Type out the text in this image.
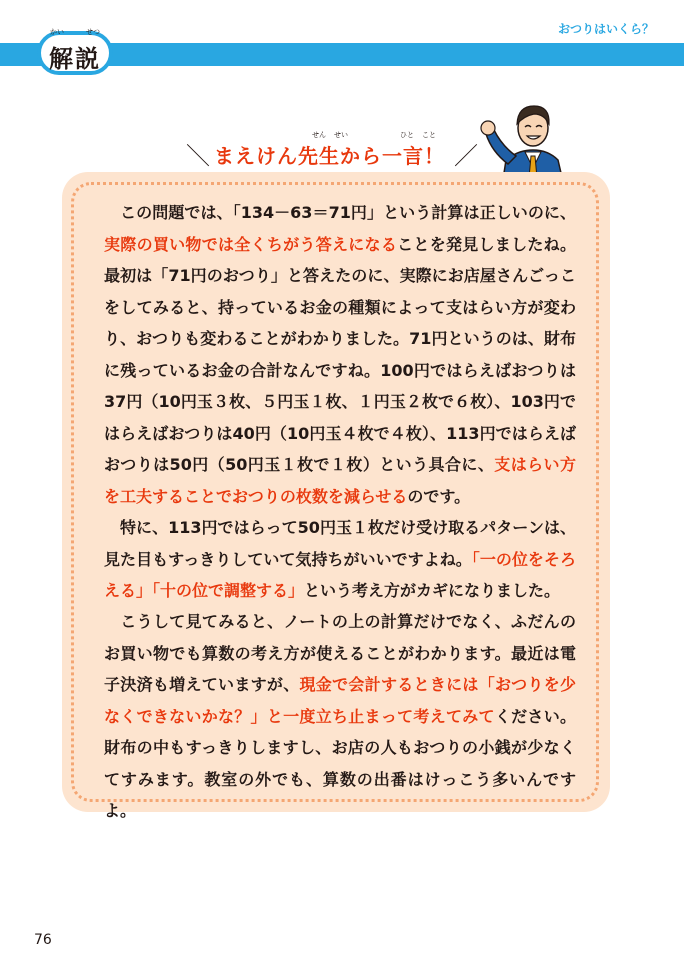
かい	せつ
解説
おつりはいくら？
＼
せん せい	ひと こと
まえけん先生から一言！ ／

　この問題では、「134－63＝71円」という計算は正しいのに、実際の買い物では全くちがう答えになることを発見しましたね。最初は「71円のおつり」と答えたのに、実際にお店屋さんごっこをしてみると、持っているお金の種類によって支はらい方が変わり、おつりも変わることがわかりました。71円というのは、財布に残っているお金の合計なんですね。100円ではらえばおつりは37円（10円玉３枚、５円玉１枚、１円玉２枚で６枚）、103円ではらえばおつりは40円（10円玉４枚で４枚）、113円ではらえばおつりは50円（50円玉１枚で１枚）という具合に、支はらい方を工夫することでおつりの枚数を減らせるのです。

　特に、113円ではらって50円玉１枚だけ受け取るパターンは、見た目もすっきりしていて気持ちがいいですよね。「一の位をそろえる」「十の位で調整する」という考え方がカギになりました。

　こうして見てみると、ノートの上の計算だけでなく、ふだんのお買い物でも算数の考え方が使えることがわかります。最近は電子決済も増えていますが、現金で会計するときには「おつりを少なくできないかな？」と一度立ち止まって考えてみてください。財布の中もすっきりしますし、お店の人もおつりの小銭が少なくてすみます。教室の外でも、算数の出番はけっこう多いんですよ。

76
